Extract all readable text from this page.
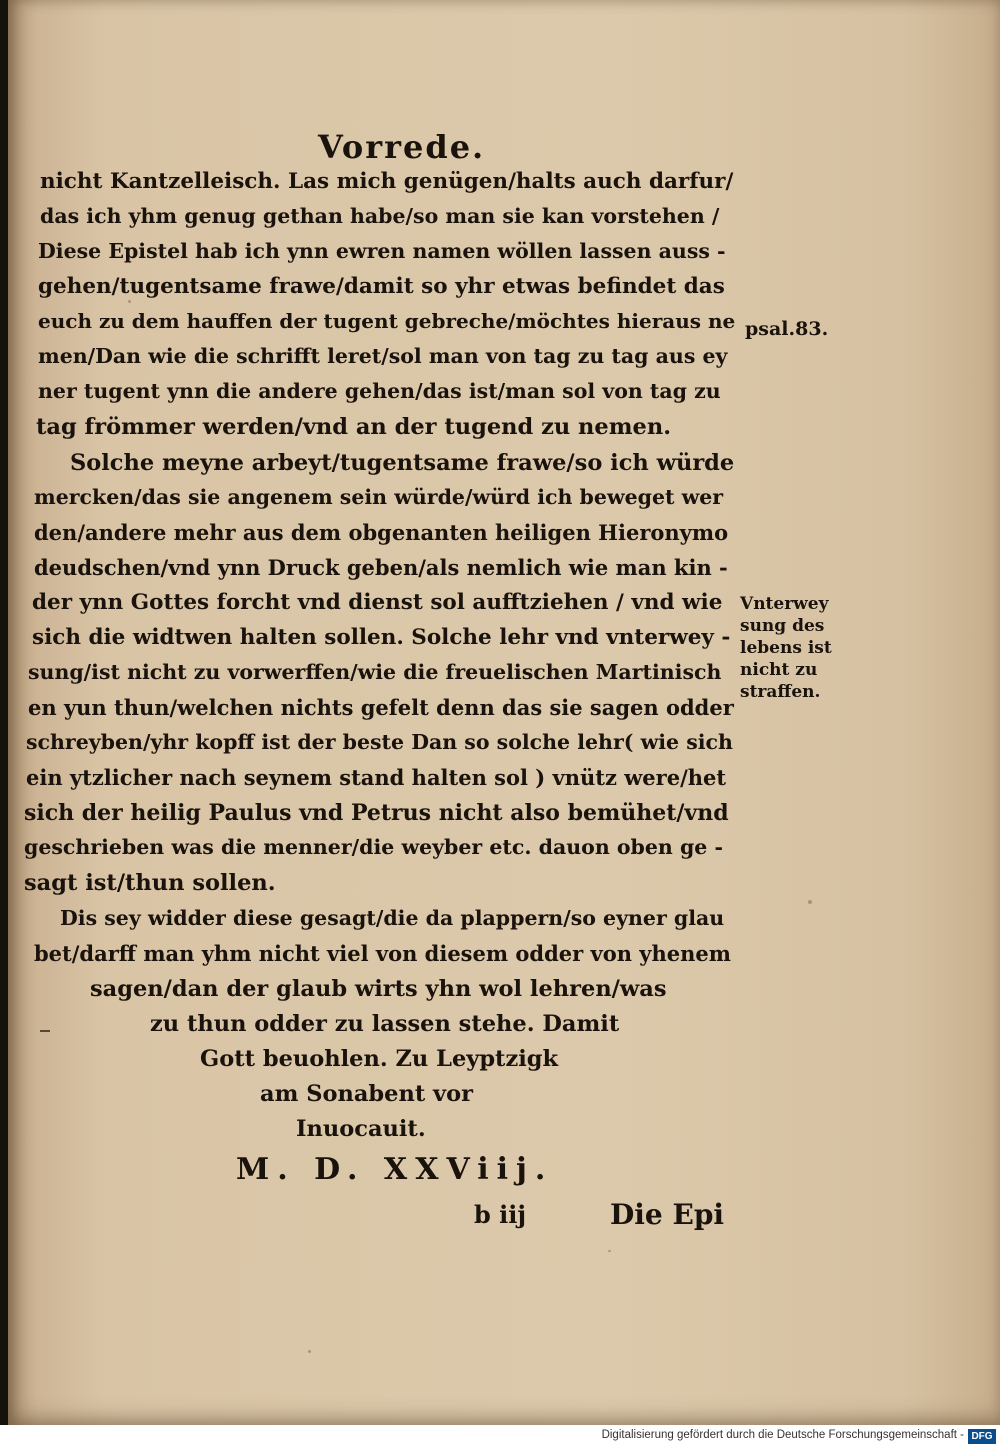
Vorrede.
nicht Kantzelleisch. Las mich genügen/halts auch darfur/
das ich yhm genug gethan habe/so man sie kan vorstehen /
Diese Epistel hab ich ynn ewren namen wöllen lassen auss -
gehen/tugentsame frawe/damit so yhr etwas befindet das
euch zu dem hauffen der tugent gebreche/möchtes hieraus ne
men/Dan wie die schrifft leret/sol man von tag zu tag aus ey
ner tugent ynn die andere gehen/das ist/man sol von tag zu
tag frömmer werden/vnd an der tugend zu nemen.
Solche meyne arbeyt/tugentsame frawe/so ich würde
mercken/das sie angenem sein würde/würd ich beweget wer
den/andere mehr aus dem obgenanten heiligen Hieronymo
deudschen/vnd ynn Druck geben/als nemlich wie man kin -
der ynn Gottes forcht vnd dienst sol aufftziehen / vnd wie
sich die widtwen halten sollen. Solche lehr vnd vnterwey -
sung/ist nicht zu vorwerffen/wie die freuelischen Martinisch
en yun thun/welchen nichts gefelt denn das sie sagen odder
schreyben/yhr kopff ist der beste Dan so solche lehr( wie sich
ein ytzlicher nach seynem stand halten sol ) vnütz were/het
sich der heilig Paulus vnd Petrus nicht also bemühet/vnd
geschrieben was die menner/die weyber etc. dauon oben ge -
sagt ist/thun sollen.
Dis sey widder diese gesagt/die da plappern/so eyner glau
bet/darff man yhm nicht viel von diesem odder von yhenem
sagen/dan der glaub wirts yhn wol lehren/was
zu thun odder zu lassen stehe. Damit
Gott beuohlen. Zu Leyptzigk
am Sonabent vor
Inuocauit.
M. D. XXViij.
b iij	Die Epi
psal.83.
Vnterwey
sung des
lebens ist
nicht zu
straffen.
Digitalisierung gefördert durch die Deutsche Forschungsgemeinschaft - DFG
